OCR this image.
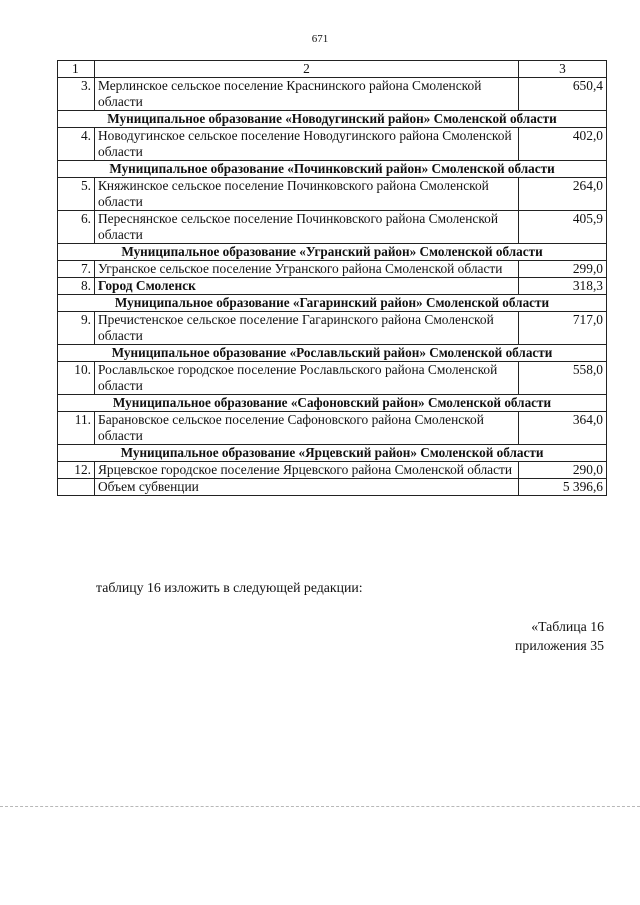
671
1	2	3
3.	Мерлинское сельское поселение Краснинского района Смоленской области	650,4
Муниципальное образование «Новодугинский район» Смоленской области		
4.	Новодугинское сельское поселение Новодугинского района Смоленской области	402,0
Муниципальное образование «Починковский район» Смоленской области		
5.	Княжинское сельское поселение Починковского района Смоленской области	264,0
6.	Переснянское сельское поселение Починковского района Смоленской области	405,9
Муниципальное образование «Угранский район» Смоленской области		
7.	Угранское сельское поселение Угранского района Смоленской области	299,0
8.	Город Смоленск	318,3
Муниципальное образование «Гагаринский район» Смоленской области		
9.	Пречистенское сельское поселение Гагаринского района Смоленской области	717,0
Муниципальное образование «Рославльский район» Смоленской области		
10.	Рославльское городское поселение Рославльского района Смоленской области	558,0
Муниципальное образование «Сафоновский район» Смоленской области		
11.	Барановское сельское поселение Сафоновского района Смоленской области	364,0
Муниципальное образование «Ярцевский район» Смоленской области		
12.	Ярцевское городское поселение Ярцевского района Смоленской области	290,0
	Объем субвенции	5 396,6
таблицу 16 изложить в следующей редакции:
«Таблица 16
приложения 35
